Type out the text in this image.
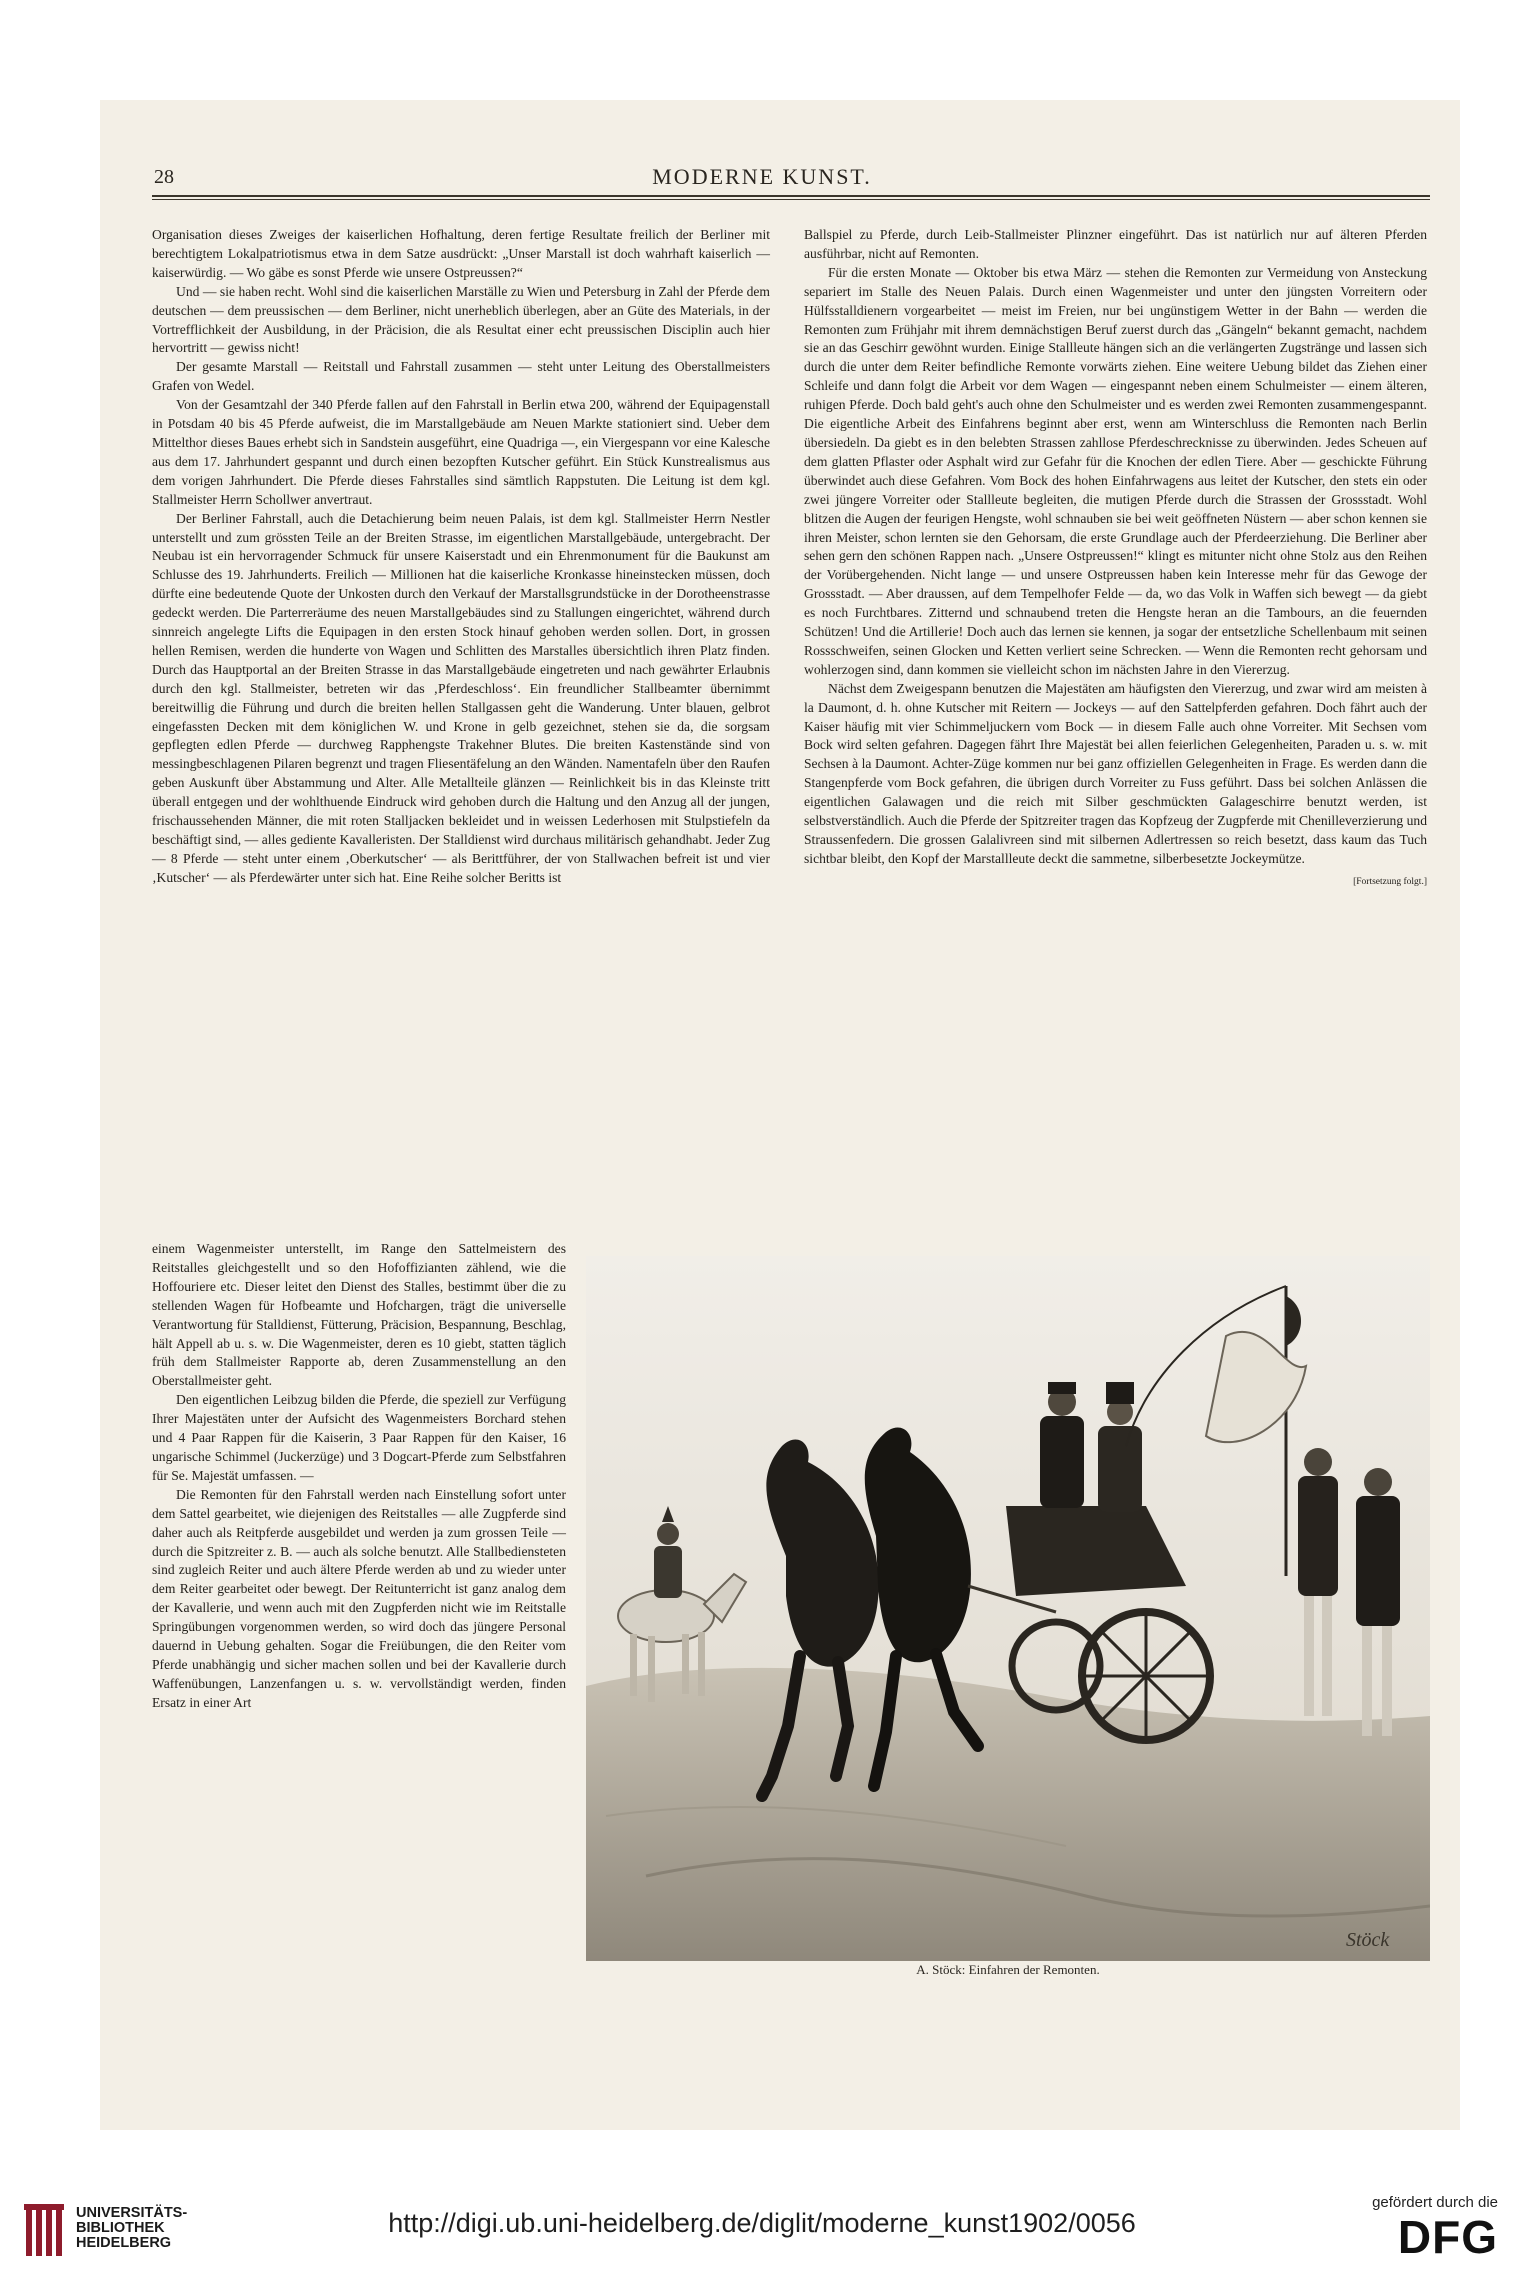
28	MODERNE KUNST.

Organisation dieses Zweiges der kaiserlichen Hofhaltung, deren fertige Resultate freilich der Berliner mit berechtigtem Lokalpatriotismus etwa in dem Satze ausdrückt: „Unser Marstall ist doch wahrhaft kaiserlich — kaiserwürdig. — Wo gäbe es sonst Pferde wie unsere Ostpreussen?“

Und — sie haben recht. Wohl sind die kaiserlichen Marställe zu Wien und Petersburg in Zahl der Pferde dem deutschen — dem preussischen — dem Berliner, nicht unerheblich überlegen, aber an Güte des Materials, in der Vortrefflichkeit der Ausbildung, in der Präcision, die als Resultat einer echt preussischen Disciplin auch hier hervortritt — gewiss nicht!

Der gesamte Marstall — Reitstall und Fahrstall zusammen — steht unter Leitung des Oberstallmeisters Grafen von Wedel.

Von der Gesamtzahl der 340 Pferde fallen auf den Fahrstall in Berlin etwa 200, während der Equipagenstall in Potsdam 40 bis 45 Pferde aufweist, die im Marstallgebäude am Neuen Markte stationiert sind. Ueber dem Mittelthor dieses Baues erhebt sich in Sandstein ausgeführt, eine Quadriga —, ein Viergespann vor eine Kalesche aus dem 17. Jahrhundert gespannt und durch einen bezopften Kutscher geführt. Ein Stück Kunstrealismus aus dem vorigen Jahrhundert. Die Pferde dieses Fahrstalles sind sämtlich Rappstuten. Die Leitung ist dem kgl. Stallmeister Herrn Schollwer anvertraut.

Der Berliner Fahrstall, auch die Detachierung beim neuen Palais, ist dem kgl. Stallmeister Herrn Nestler unterstellt und zum grössten Teile an der Breiten Strasse, im eigentlichen Marstallgebäude, untergebracht. Der Neubau ist ein hervorragender Schmuck für unsere Kaiserstadt und ein Ehrenmonument für die Baukunst am Schlusse des 19. Jahrhunderts. Freilich — Millionen hat die kaiserliche Kronkasse hineinstecken müssen, doch dürfte eine bedeutende Quote der Unkosten durch den Verkauf der Marstallsgrundstücke in der Dorotheenstrasse gedeckt werden. Die Parterreräume des neuen Marstallgebäudes sind zu Stallungen eingerichtet, während durch sinnreich angelegte Lifts die Equipagen in den ersten Stock hinauf gehoben werden sollen. Dort, in grossen hellen Remisen, werden die hunderte von Wagen und Schlitten des Marstalles übersichtlich ihren Platz finden. Durch das Hauptportal an der Breiten Strasse in das Marstallgebäude eingetreten und nach gewährter Erlaubnis durch den kgl. Stallmeister, betreten wir das ‚Pferdeschloss‘. Ein freundlicher Stallbeamter übernimmt bereitwillig die Führung und durch die breiten hellen Stallgassen geht die Wanderung. Unter blauen, gelbrot eingefassten Decken mit dem königlichen W. und Krone in gelb gezeichnet, stehen sie da, die sorgsam gepflegten edlen Pferde — durchweg Rapphengste Trakehner Blutes. Die breiten Kastenstände sind von messingbeschlagenen Pilaren begrenzt und tragen Fliesentäfelung an den Wänden. Namentafeln über den Raufen geben Auskunft über Abstammung und Alter. Alle Metallteile glänzen — Reinlichkeit bis in das Kleinste tritt überall entgegen und der wohlthuende Eindruck wird gehoben durch die Haltung und den Anzug all der jungen, frischaussehenden Männer, die mit roten Stalljacken bekleidet und in weissen Lederhosen mit Stulpstiefeln da beschäftigt sind, — alles gediente Kavalleristen. Der Stalldienst wird durchaus militärisch gehandhabt. Jeder Zug — 8 Pferde — steht unter einem ‚Oberkutscher‘ — als Berittführer, der von Stallwachen befreit ist und vier ‚Kutscher‘ — als Pferdewärter unter sich hat. Eine Reihe solcher Beritts ist

einem Wagenmeister unterstellt, im Range den Sattelmeistern des Reitstalles gleichgestellt und so den Hofoffizianten zählend, wie die Hoffouriere etc. Dieser leitet den Dienst des Stalles, bestimmt über die zu stellenden Wagen für Hofbeamte und Hofchargen, trägt die universelle Verantwortung für Stalldienst, Fütterung, Präcision, Bespannung, Beschlag, hält Appell ab u. s. w. Die Wagenmeister, deren es 10 giebt, statten täglich früh dem Stallmeister Rapporte ab, deren Zusammenstellung an den Oberstallmeister geht.

Den eigentlichen Leibzug bilden die Pferde, die speziell zur Verfügung Ihrer Majestäten unter der Aufsicht des Wagenmeisters Borchard stehen und 4 Paar Rappen für die Kaiserin, 3 Paar Rappen für den Kaiser, 16 ungarische Schimmel (Juckerzüge) und 3 Dogcart-Pferde zum Selbstfahren für Se. Majestät umfassen. —

Die Remonten für den Fahrstall werden nach Einstellung sofort unter dem Sattel gearbeitet, wie diejenigen des Reitstalles — alle Zugpferde sind daher auch als Reitpferde ausgebildet und werden ja zum grossen Teile — durch die Spitzreiter z. B. — auch als solche benutzt. Alle Stallbediensteten sind zugleich Reiter und auch ältere Pferde werden ab und zu wieder unter dem Reiter gearbeitet oder bewegt. Der Reitunterricht ist ganz analog dem der Kavallerie, und wenn auch mit den Zugpferden nicht wie im Reitstalle Springübungen vorgenommen werden, so wird doch das jüngere Personal dauernd in Uebung gehalten. Sogar die Freiübungen, die den Reiter vom Pferde unabhängig und sicher machen sollen und bei der Kavallerie durch Waffenübungen, Lanzenfangen u. s. w. vervollständigt werden, finden Ersatz in einer Art

Ballspiel zu Pferde, durch Leib-Stallmeister Plinzner eingeführt. Das ist natürlich nur auf älteren Pferden ausführbar, nicht auf Remonten.

Für die ersten Monate — Oktober bis etwa März — stehen die Remonten zur Vermeidung von Ansteckung separiert im Stalle des Neuen Palais. Durch einen Wagenmeister und unter den jüngsten Vorreitern oder Hülfsstalldienern vorgearbeitet — meist im Freien, nur bei ungünstigem Wetter in der Bahn — werden die Remonten zum Frühjahr mit ihrem demnächstigen Beruf zuerst durch das „Gängeln“ bekannt gemacht, nachdem sie an das Geschirr gewöhnt wurden. Einige Stallleute hängen sich an die verlängerten Zugstränge und lassen sich durch die unter dem Reiter befindliche Remonte vorwärts ziehen. Eine weitere Uebung bildet das Ziehen einer Schleife und dann folgt die Arbeit vor dem Wagen — eingespannt neben einem Schulmeister — einem älteren, ruhigen Pferde. Doch bald geht's auch ohne den Schulmeister und es werden zwei Remonten zusammengespannt. Die eigentliche Arbeit des Einfahrens beginnt aber erst, wenn am Winterschluss die Remonten nach Berlin übersiedeln. Da giebt es in den belebten Strassen zahllose Pferdeschrecknisse zu überwinden. Jedes Scheuen auf dem glatten Pflaster oder Asphalt wird zur Gefahr für die Knochen der edlen Tiere. Aber — geschickte Führung überwindet auch diese Gefahren. Vom Bock des hohen Einfahrwagens aus leitet der Kutscher, den stets ein oder zwei jüngere Vorreiter oder Stallleute begleiten, die mutigen Pferde durch die Strassen der Grossstadt. Wohl blitzen die Augen der feurigen Hengste, wohl schnauben sie bei weit geöffneten Nüstern — aber schon kennen sie ihren Meister, schon lernten sie den Gehorsam, die erste Grundlage auch der Pferdeerziehung. Die Berliner aber sehen gern den schönen Rappen nach. „Unsere Ostpreussen!“ klingt es mitunter nicht ohne Stolz aus den Reihen der Vorübergehenden. Nicht lange — und unsere Ostpreussen haben kein Interesse mehr für das Gewoge der Grossstadt. — Aber draussen, auf dem Tempelhofer Felde — da, wo das Volk in Waffen sich bewegt — da giebt es noch Furchtbares. Zitternd und schnaubend treten die Hengste heran an die Tambours, an die feuernden Schützen! Und die Artillerie! Doch auch das lernen sie kennen, ja sogar der entsetzliche Schellenbaum mit seinen Rossschweifen, seinen Glocken und Ketten verliert seine Schrecken. — Wenn die Remonten recht gehorsam und wohlerzogen sind, dann kommen sie vielleicht schon im nächsten Jahre in den Viererzug.

Nächst dem Zweigespann benutzen die Majestäten am häufigsten den Viererzug, und zwar wird am meisten à la Daumont, d. h. ohne Kutscher mit Reitern — Jockeys — auf den Sattelpferden gefahren. Doch fährt auch der Kaiser häufig mit vier Schimmeljuckern vom Bock — in diesem Falle auch ohne Vorreiter. Mit Sechsen vom Bock wird selten gefahren. Dagegen fährt Ihre Majestät bei allen feierlichen Gelegenheiten, Paraden u. s. w. mit Sechsen à la Daumont. Achter-Züge kommen nur bei ganz offiziellen Gelegenheiten in Frage. Es werden dann die Stangenpferde vom Bock gefahren, die übrigen durch Vorreiter zu Fuss geführt. Dass bei solchen Anlässen die eigentlichen Galawagen und die reich mit Silber geschmückten Galageschirre benutzt werden, ist selbstverständlich. Auch die Pferde der Spitzreiter tragen das Kopfzeug der Zugpferde mit Chenilleverzierung und Straussenfedern. Die grossen Galalivreen sind mit silbernen Adlertressen so reich besetzt, dass kaum das Tuch sichtbar bleibt, den Kopf der Marstallleute deckt die sammetne, silberbesetzte Jockeymütze.

[Fortsetzung folgt.]
Stöck
A. Stöck: Einfahren der Remonten.
UNIVERSITÄTS-
BIBLIOTHEK
HEIDELBERG
http://digi.ub.uni-heidelberg.de/diglit/moderne_kunst1902/0056
gefördert durch die
DFG
